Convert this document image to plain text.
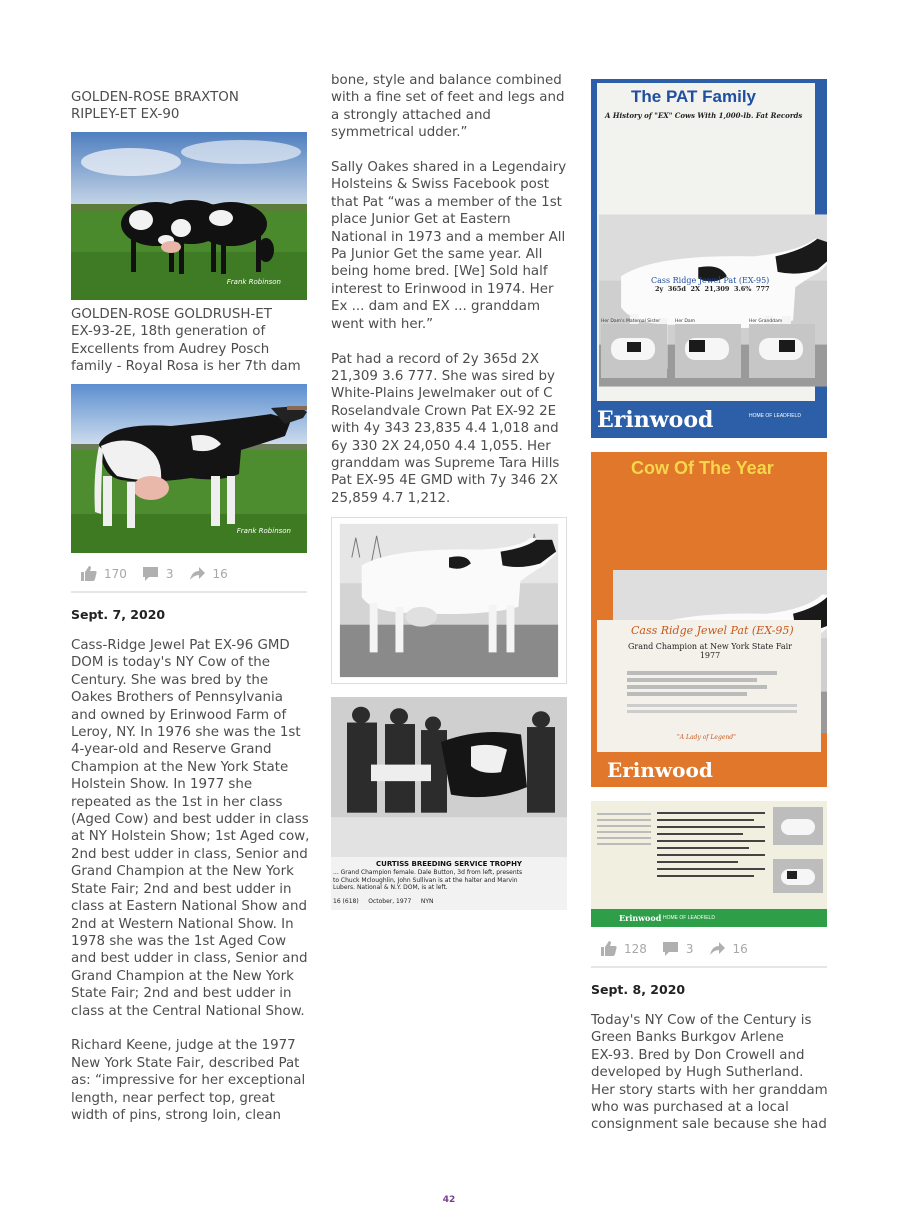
GOLDEN-ROSE BRAXTON
RIPLEY-ET EX-90
Frank Robinson
GOLDEN-ROSE GOLDRUSH-ET
EX-93-2E, 18th generation of
Excellents from Audrey Posch
family - Royal Rosa is her 7th dam
Frank Robinson
170	3	16
Sept. 7, 2020
Cass-Ridge Jewel Pat EX-96 GMD
DOM is today's NY Cow of the
Century. She was bred by the
Oakes Brothers of Pennsylvania
and owned by Erinwood Farm of
Leroy, NY. In 1976 she was the 1st
4-year-old and Reserve Grand
Champion at the New York State
Holstein Show. In 1977 she
repeated as the 1st in her class
(Aged Cow) and best udder in class
at NY Holstein Show; 1st Aged cow,
2nd best udder in class, Senior and
Grand Champion at the New York
State Fair; 2nd and best udder in
class at Eastern National Show and
2nd at Western National Show. In
1978 she was the 1st Aged Cow
and best udder in class, Senior and
Grand Champion at the New York
State Fair; 2nd and best udder in
class at the Central National Show.

Richard Keene, judge at the 1977
New York State Fair, described Pat
as: “impressive for her exceptional
length, near perfect top, great
width of pins, strong loin, clean
bone, style and balance combined
with a fine set of feet and legs and
a strongly attached and
symmetrical udder.”

Sally Oakes shared in a Legendairy
Holsteins & Swiss Facebook post
that Pat “was a member of the 1st
place Junior Get at Eastern
National in 1973 and a member All
Pa Junior Get the same year. All
being home bred. [We] Sold half
interest to Erinwood in 1974. Her
Ex ... dam and EX ... granddam
went with her.”

Pat had a record of 2y 365d 2X
21,309 3.6 777. She was sired by
White-Plains Jewelmaker out of C
Roselandvale Crown Pat EX-92 2E
with 4y 343 23,835 4.4 1,018 and
6y 330 2X 24,050 4.4 1,055. Her
granddam was Supreme Tara Hills
Pat EX-95 4E GMD with 7y 346 2X
25,859 4.7 1,212.
CURTISS BREEDING SERVICE TROPHY
... Grand Champion female. Dale Button, 3d from left, presents
to Chuck Mcloughlin, John Sullivan is at the halter and Marvin
Lubers. National & N.Y. DOM, is at left.
16 (618)     October, 1977     NYN
The PAT Family
A History of "EX" Cows With 1,000-lb. Fat Records
Cass Ridge Jewel Pat (EX-95)
2y  365d  2X  21,309  3.6%  777
Her Dam's Maternal Sister	Her Dam	Her Granddam
Erinwood	HOME OF LEADFIELD
Cow Of The Year
Cass Ridge Jewel Pat (EX-95)
Grand Champion at New York State Fair 1977
"A Lady of Legend"
Erinwood
Erinwood HOME OF LEADFIELD
128	3	16
Sept. 8, 2020
Today's NY Cow of the Century is
Green Banks Burkgov Arlene
EX-93. Bred by Don Crowell and
developed by Hugh Sutherland.
Her story starts with her granddam
who was purchased at a local
consignment sale because she had
42
